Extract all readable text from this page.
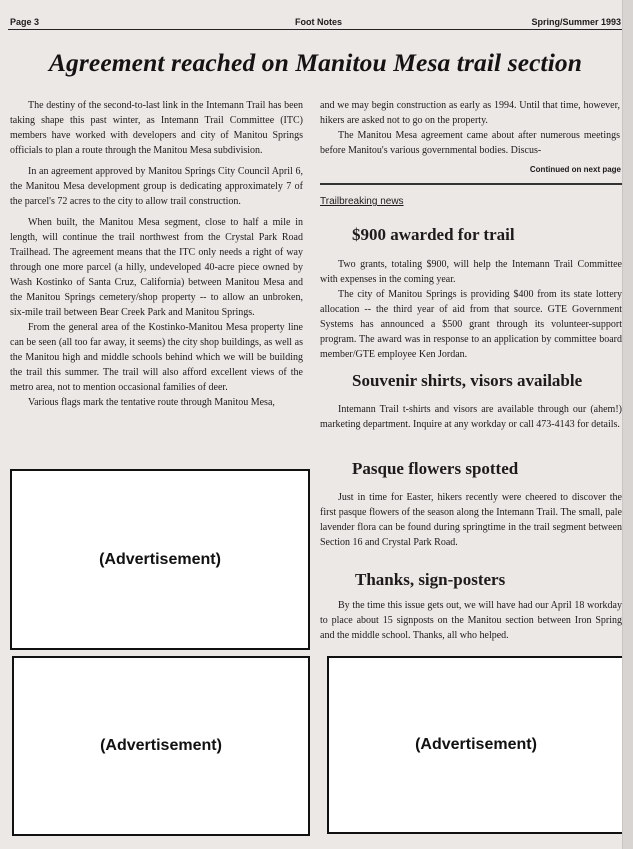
Page 3	Foot Notes	Spring/Summer 1993
Agreement reached on Manitou Mesa trail section

The destiny of the second-to-last link in the Intemann Trail has been taking shape this past winter, as Intemann Trail Committee (ITC) members have worked with developers and city of Manitou Springs officials to plan a route through the Manitou Mesa subdivision.

In an agreement approved by Manitou Springs City Council April 6, the Manitou Mesa development group is dedicating approximately 7 of the parcel's 72 acres to the city to allow trail construction.

When built, the Manitou Mesa segment, close to half a mile in length, will continue the trail northwest from the Crystal Park Road Trailhead. The agreement means that the ITC only needs a right of way through one more parcel (a hilly, undeveloped 40-acre piece owned by Wash Kostinko of Santa Cruz, California) between Manitou Mesa and the Manitou Springs cemetery/shop property -- to allow an unbroken, six-mile trail between Bear Creek Park and Manitou Springs.

From the general area of the Kostinko-Manitou Mesa property line can be seen (all too far away, it seems) the city shop buildings, as well as the Manitou high and middle schools behind which we will be building the trail this summer. The trail will also afford excellent views of the metro area, not to mention occasional families of deer.

Various flags mark the tentative route through Manitou Mesa,

and we may begin construction as early as 1994. Until that time, however, hikers are asked not to go on the property.

The Manitou Mesa agreement came about after numerous meetings before Manitou's various governmental bodies. Discus-

Continued on next page
Trailbreaking news
$900 awarded for trail

Two grants, totaling $900, will help the Intemann Trail Committee with expenses in the coming year.

The city of Manitou Springs is providing $400 from its state lottery allocation -- the third year of aid from that source. GTE Government Systems has announced a $500 grant through its volunteer-support program. The award was in response to an application by committee board member/GTE employee Ken Jordan.

Souvenir shirts, visors available

Intemann Trail t-shirts and visors are available through our (ahem!) marketing department. Inquire at any workday or call 473-4143 for details.

Pasque flowers spotted

Just in time for Easter, hikers recently were cheered to discover the first pasque flowers of the season along the Intemann Trail. The small, pale lavender flora can be found during springtime in the trail segment between Section 16 and Crystal Park Road.

Thanks, sign-posters

By the time this issue gets out, we will have had our April 18 workday to place about 15 signposts on the Manitou section between Iron Spring and the middle school. Thanks, all who helped.

(Advertisement)
(Advertisement)	(Advertisement)
